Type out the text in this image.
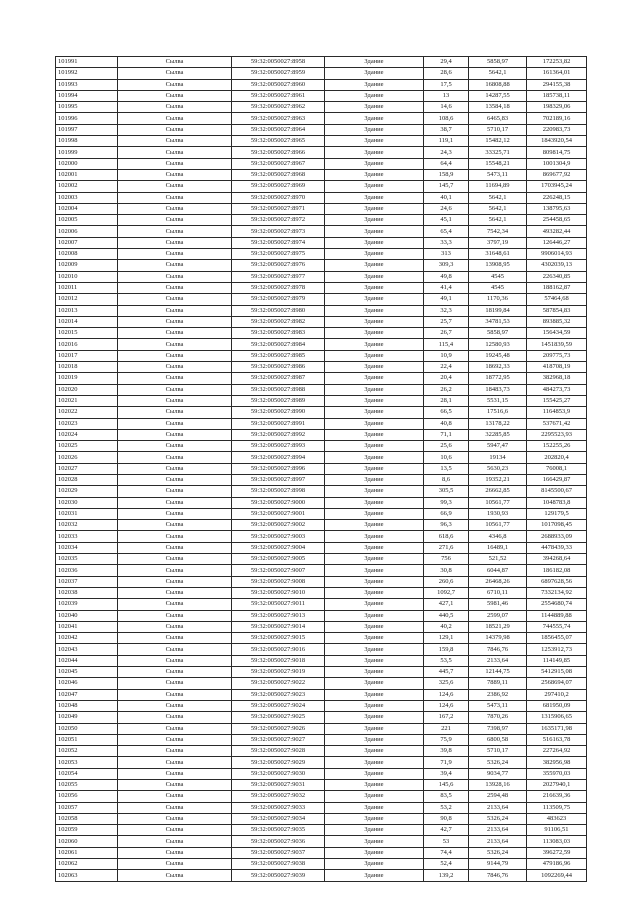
101991	Сылва	59:32:0050027:8958	Здание	29,4	5858,97	172253,82
101992	Сылва	59:32:0050027:8959	Здание	28,6	5642,1	161364,01
101993	Сылва	59:32:0050027:8960	Здание	17,5	16808,88	294155,38
101994	Сылва	59:32:0050027:8961	Здание	13	14287,55	185738,11
101995	Сылва	59:32:0050027:8962	Здание	14,6	13584,18	198329,06
101996	Сылва	59:32:0050027:8963	Здание	108,6	6465,83	702189,16
101997	Сылва	59:32:0050027:8964	Здание	38,7	5710,17	220983,73
101998	Сылва	59:32:0050027:8965	Здание	119,1	15482,12	1843920,54
101999	Сылва	59:32:0050027:8966	Здание	24,3	33325,71	809814,75
102000	Сылва	59:32:0050027:8967	Здание	64,4	15548,21	1001304,9
102001	Сылва	59:32:0050027:8968	Здание	158,9	5473,11	869677,92
102002	Сылва	59:32:0050027:8969	Здание	145,7	11694,89	1703945,24
102003	Сылва	59:32:0050027:8970	Здание	40,1	5642,1	226248,15
102004	Сылва	59:32:0050027:8971	Здание	24,6	5642,1	138795,63
102005	Сылва	59:32:0050027:8972	Здание	45,1	5642,1	254458,65
102006	Сылва	59:32:0050027:8973	Здание	65,4	7542,34	493282,44
102007	Сылва	59:32:0050027:8974	Здание	33,3	3797,19	126446,27
102008	Сылва	59:32:0050027:8975	Здание	313	31648,61	9906014,93
102009	Сылва	59:32:0050027:8976	Здание	309,3	13908,95	4302039,13
102010	Сылва	59:32:0050027:8977	Здание	49,8	4545	226340,85
102011	Сылва	59:32:0050027:8978	Здание	41,4	4545	188162,87
102012	Сылва	59:32:0050027:8979	Здание	49,1	1170,36	57464,68
102013	Сылва	59:32:0050027:8980	Здание	32,3	18199,84	587854,83
102014	Сылва	59:32:0050027:8982	Здание	25,7	34781,53	893885,32
102015	Сылва	59:32:0050027:8983	Здание	26,7	5858,97	156434,59
102016	Сылва	59:32:0050027:8984	Здание	115,4	12580,93	1451839,59
102017	Сылва	59:32:0050027:8985	Здание	10,9	19245,48	209775,73
102018	Сылва	59:32:0050027:8986	Здание	22,4	18692,33	418708,19
102019	Сылва	59:32:0050027:8987	Здание	20,4	18772,95	382968,18
102020	Сылва	59:32:0050027:8988	Здание	26,2	18483,73	484273,73
102021	Сылва	59:32:0050027:8989	Здание	28,1	5531,15	155425,27
102022	Сылва	59:32:0050027:8990	Здание	66,5	17516,6	1164853,9
102023	Сылва	59:32:0050027:8991	Здание	40,8	13178,22	537671,42
102024	Сылва	59:32:0050027:8992	Здание	71,1	32285,85	2295523,93
102025	Сылва	59:32:0050027:8993	Здание	25,6	5947,47	152255,26
102026	Сылва	59:32:0050027:8994	Здание	10,6	19134	202820,4
102027	Сылва	59:32:0050027:8996	Здание	13,5	5630,23	76008,1
102028	Сылва	59:32:0050027:8997	Здание	8,6	19352,21	166429,87
102029	Сылва	59:32:0050027:8998	Здание	305,5	26662,85	8145500,67
102030	Сылва	59:32:0050027:9000	Здание	99,3	10561,77	1048783,8
102031	Сылва	59:32:0050027:9001	Здание	66,9	1930,93	129179,5
102032	Сылва	59:32:0050027:9002	Здание	96,3	10561,77	1017098,45
102033	Сылва	59:32:0050027:9003	Здание	618,6	4346,8	2688933,09
102034	Сылва	59:32:0050027:9004	Здание	271,6	16489,1	4478439,33
102035	Сылва	59:32:0050027:9005	Здание	756	521,52	394268,64
102036	Сылва	59:32:0050027:9007	Здание	30,8	6044,87	186182,08
102037	Сылва	59:32:0050027:9008	Здание	260,6	26468,26	6897628,56
102038	Сылва	59:32:0050027:9010	Здание	1092,7	6710,11	7332134,92
102039	Сылва	59:32:0050027:9011	Здание	427,1	5981,46	2554680,74
102040	Сылва	59:32:0050027:9013	Здание	440,5	2599,07	1144889,88
102041	Сылва	59:32:0050027:9014	Здание	40,2	18521,29	744555,74
102042	Сылва	59:32:0050027:9015	Здание	129,1	14379,98	1856455,07
102043	Сылва	59:32:0050027:9016	Здание	159,8	7846,76	1253912,73
102044	Сылва	59:32:0050027:9018	Здание	53,5	2133,64	114149,85
102045	Сылва	59:32:0050027:9019	Здание	445,7	12144,75	5412915,08
102046	Сылва	59:32:0050027:9022	Здание	325,6	7889,11	2568694,07
102047	Сылва	59:32:0050027:9023	Здание	124,6	2386,92	297410,2
102048	Сылва	59:32:0050027:9024	Здание	124,6	5473,11	681950,09
102049	Сылва	59:32:0050027:9025	Здание	167,2	7870,26	1315906,65
102050	Сылва	59:32:0050027:9026	Здание	221	7398,97	1635171,98
102051	Сылва	59:32:0050027:9027	Здание	75,9	6800,58	516163,78
102052	Сылва	59:32:0050027:9028	Здание	39,8	5710,17	227264,92
102053	Сылва	59:32:0050027:9029	Здание	71,9	5326,24	382956,98
102054	Сылва	59:32:0050027:9030	Здание	39,4	9034,77	355970,03
102055	Сылва	59:32:0050027:9031	Здание	145,6	13928,16	2027940,1
102056	Сылва	59:32:0050027:9032	Здание	83,5	2594,48	216639,36
102057	Сылва	59:32:0050027:9033	Здание	53,2	2133,64	113509,75
102058	Сылва	59:32:0050027:9034	Здание	90,8	5326,24	483623
102059	Сылва	59:32:0050027:9035	Здание	42,7	2133,64	91106,51
102060	Сылва	59:32:0050027:9036	Здание	53	2133,64	113083,03
102061	Сылва	59:32:0050027:9037	Здание	74,4	5326,24	396272,59
102062	Сылва	59:32:0050027:9038	Здание	52,4	9144,79	479186,96
102063	Сылва	59:32:0050027:9039	Здание	139,2	7846,76	1092269,44
